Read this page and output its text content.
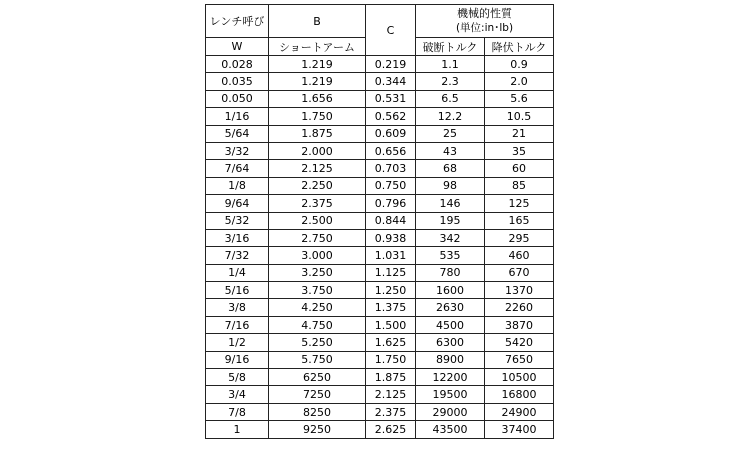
レンチ呼び	B	C	機械的性質
(単位:in･lb)	

W	ショートアーム		破断トルク	降伏トルク
0.028	1.219	0.219	1.1	0.9
0.035	1.219	0.344	2.3	2.0
0.050	1.656	0.531	6.5	5.6
1/16	1.750	0.562	12.2	10.5
5/64	1.875	0.609	25	21
3/32	2.000	0.656	43	35
7/64	2.125	0.703	68	60
1/8	2.250	0.750	98	85
9/64	2.375	0.796	146	125
5/32	2.500	0.844	195	165
3/16	2.750	0.938	342	295
7/32	3.000	1.031	535	460
1/4	3.250	1.125	780	670
5/16	3.750	1.250	1600	1370
3/8	4.250	1.375	2630	2260
7/16	4.750	1.500	4500	3870
1/2	5.250	1.625	6300	5420
9/16	5.750	1.750	8900	7650
5/8	6250	1.875	12200	10500
3/4	7250	2.125	19500	16800
7/8	8250	2.375	29000	24900
1	9250	2.625	43500	37400
